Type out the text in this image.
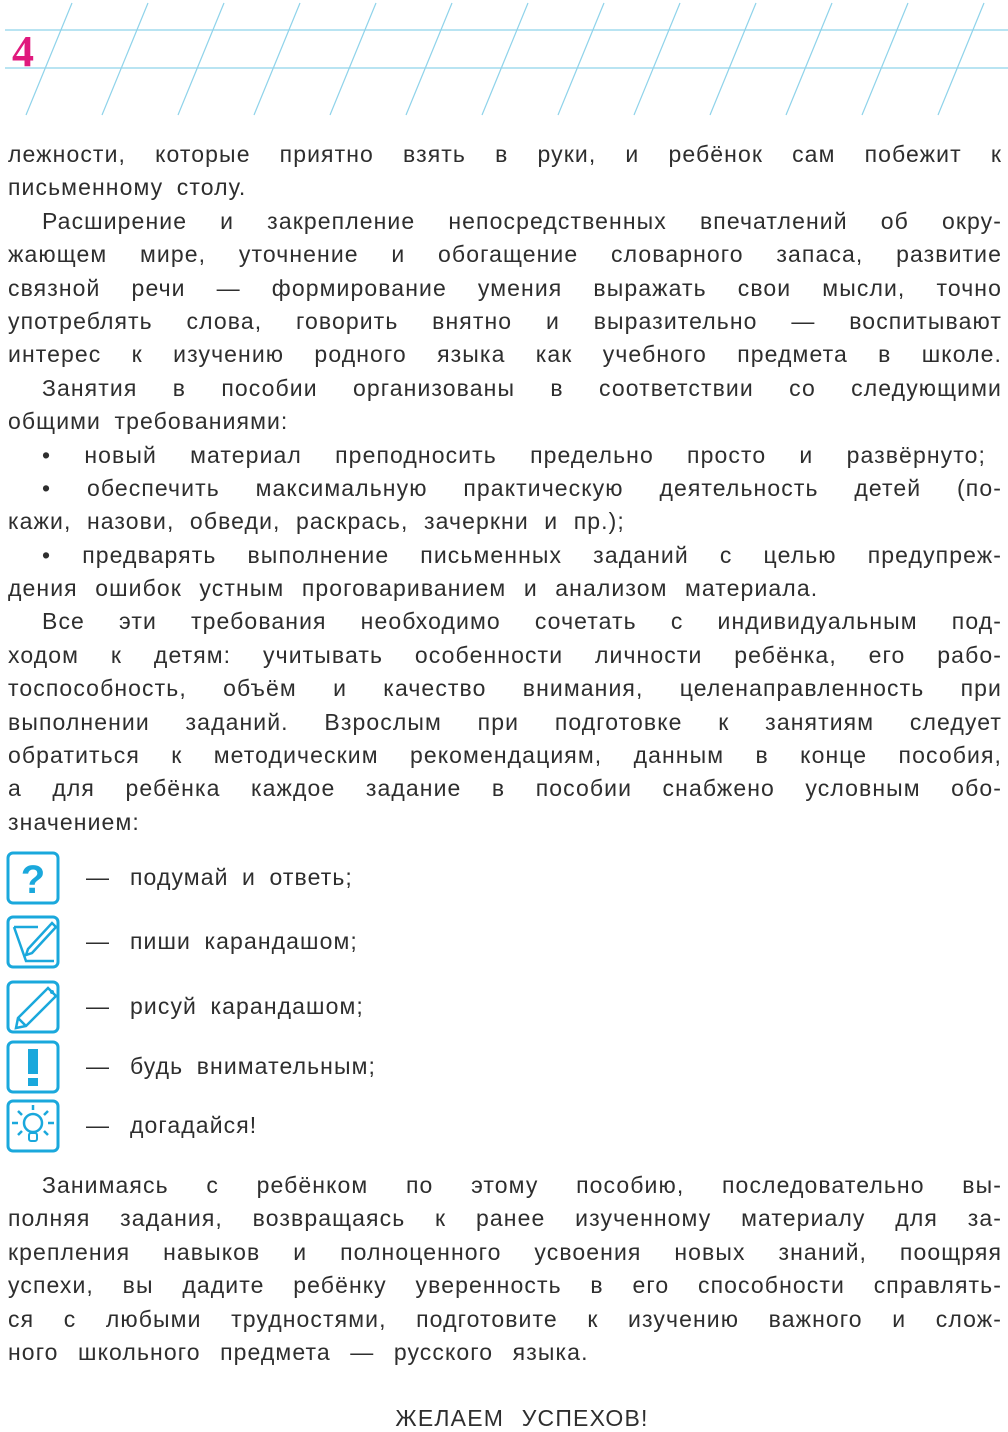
4
лежности, которые приятно взять в руки, и ребёнок сам побежит к
письменному столу.
Расширение и закрепление непосредственных впечатлений об окру-
жающем мире, уточнение и обогащение словарного запаса, развитие
связной речи — формирование умения выражать свои мысли, точно
употреблять слова, говорить внятно и выразительно — воспитывают
интерес к изучению родного языка как учебного предмета в школе.
Занятия в пособии организованы в соответствии со следующими
общими требованиями:
• новый материал преподносить предельно просто и развёрнуто;
• обеспечить максимальную практическую деятельность детей (по-
кажи, назови, обведи, раскрась, зачеркни и пр.);
• предварять выполнение письменных заданий с целью предупреж-
дения ошибок устным проговариванием и анализом материала.
Все эти требования необходимо сочетать с индивидуальным под-
ходом к детям: учитывать особенности личности ребёнка, его рабо-
тоспособность, объём и качество внимания, целенаправленность при
выполнении заданий. Взрослым при подготовке к занятиям следует
обратиться к методическим рекомендациям, данным в конце пособия,
а для ребёнка каждое задание в пособии снабжено условным обо-
значением:
? — подумай и ответь;
— пиши карандашом;
— рисуй карандашом;
— будь внимательным;
— догадайся!
Занимаясь с ребёнком по этому пособию, последовательно вы-
полняя задания, возвращаясь к ранее изученному материалу для за-
крепления навыков и полноценного усвоения новых знаний, поощряя
успехи, вы дадите ребёнку уверенность в его способности справлять-
ся с любыми трудностями, подготовите к изучению важного и слож-
ного школьного предмета — русского языка.
ЖЕЛАЕМ УСПЕХОВ!
